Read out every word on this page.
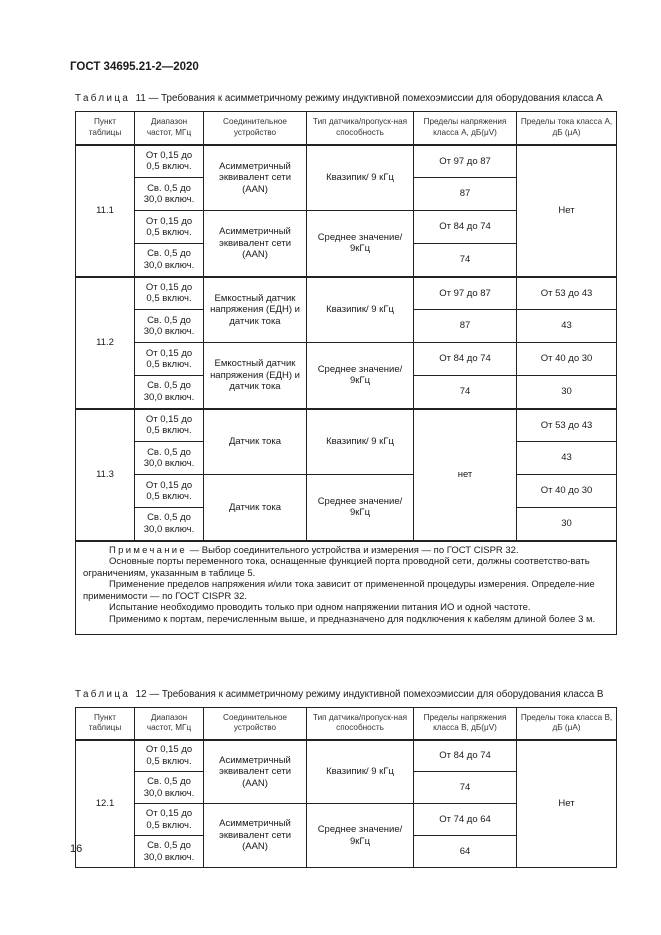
ГОСТ 34695.21-2—2020
Таблица 11 — Требования к асимметричному режиму индуктивной помехоэмиссии для оборудования класса А
Пункт таблицы	Диапазон частот, МГц	Соединительное устройство	Тип датчика/пропуск-ная способность	Пределы напряжения класса А, дБ(μV)	Пределы тока класса А, дБ (μA)
11.1	От 0,15 до 0,5 включ.	Асимметричный эквивалент сети (ААN)	Квазипик/ 9 кГц	От 97 до 87	Нет
	Св. 0,5 до 30,0 включ.			87	
	От 0,15 до 0,5 включ.	Асимметричный эквивалент сети (ААN)	Среднее значение/ 9кГц	От 84 до 74	
	Св. 0,5 до 30,0 включ.			74	
11.2	От 0,15 до 0,5 включ.	Емкостный датчик напряжения (ЕДН) и датчик тока	Квазипик/ 9 кГц	От 97 до 87	От 53 до 43
	Св. 0,5 до 30,0 включ.			87	43
	От 0,15 до 0,5 включ.	Емкостный датчик напряжения (ЕДН) и датчик тока	Среднее значение/ 9кГц	От 84 до 74	От 40 до 30
	Св. 0,5 до 30,0 включ.			74	30
11.3	От 0,15 до 0,5 включ.	Датчик тока	Квазипик/ 9 кГц	нет	От 53 до 43
	Св. 0,5 до 30,0 включ.				43
	От 0,15 до 0,5 включ.	Датчик тока	Среднее значение/ 9кГц		От 40 до 30
	Св. 0,5 до 30,0 включ.				30

Примечание — Выбор соединительного устройства и измерения — по ГОСТ CISPR 32.

Основные порты переменного тока, оснащенные функцией порта проводной сети, должны соответство-вать ограничениям, указанным в таблице 5.

Применение пределов напряжения и/или тока зависит от примененной процедуры измерения. Определе-ние применимости — по ГОСТ CISPR 32.

Испытание необходимо проводить только при одном напряжении питания ИО и одной частоте.

Применимо к портам, перечисленным выше, и предназначено для подключения к кабелям длиной более 3 м.					

Таблица 12 — Требования к асимметричному режиму индуктивной помехоэмиссии для оборудования класса В
Пункт таблицы	Диапазон частот, МГц	Соединительное устройство	Тип датчика/пропуск-ная способность	Пределы напряжения класса В, дБ(μV)	Пределы тока класса В, дБ (μA)
12.1	От 0,15 до 0,5 включ.	Асимметричный эквивалент сети (ААN)	Квазипик/ 9 кГц	От 84 до 74	Нет
	Св. 0,5 до 30,0 включ.			74	
	От 0,15 до 0,5 включ.	Асимметричный эквивалент сети (ААN)	Среднее значение/ 9кГц	От 74 до 64	
	Св. 0,5 до 30,0 включ.			64	
16
